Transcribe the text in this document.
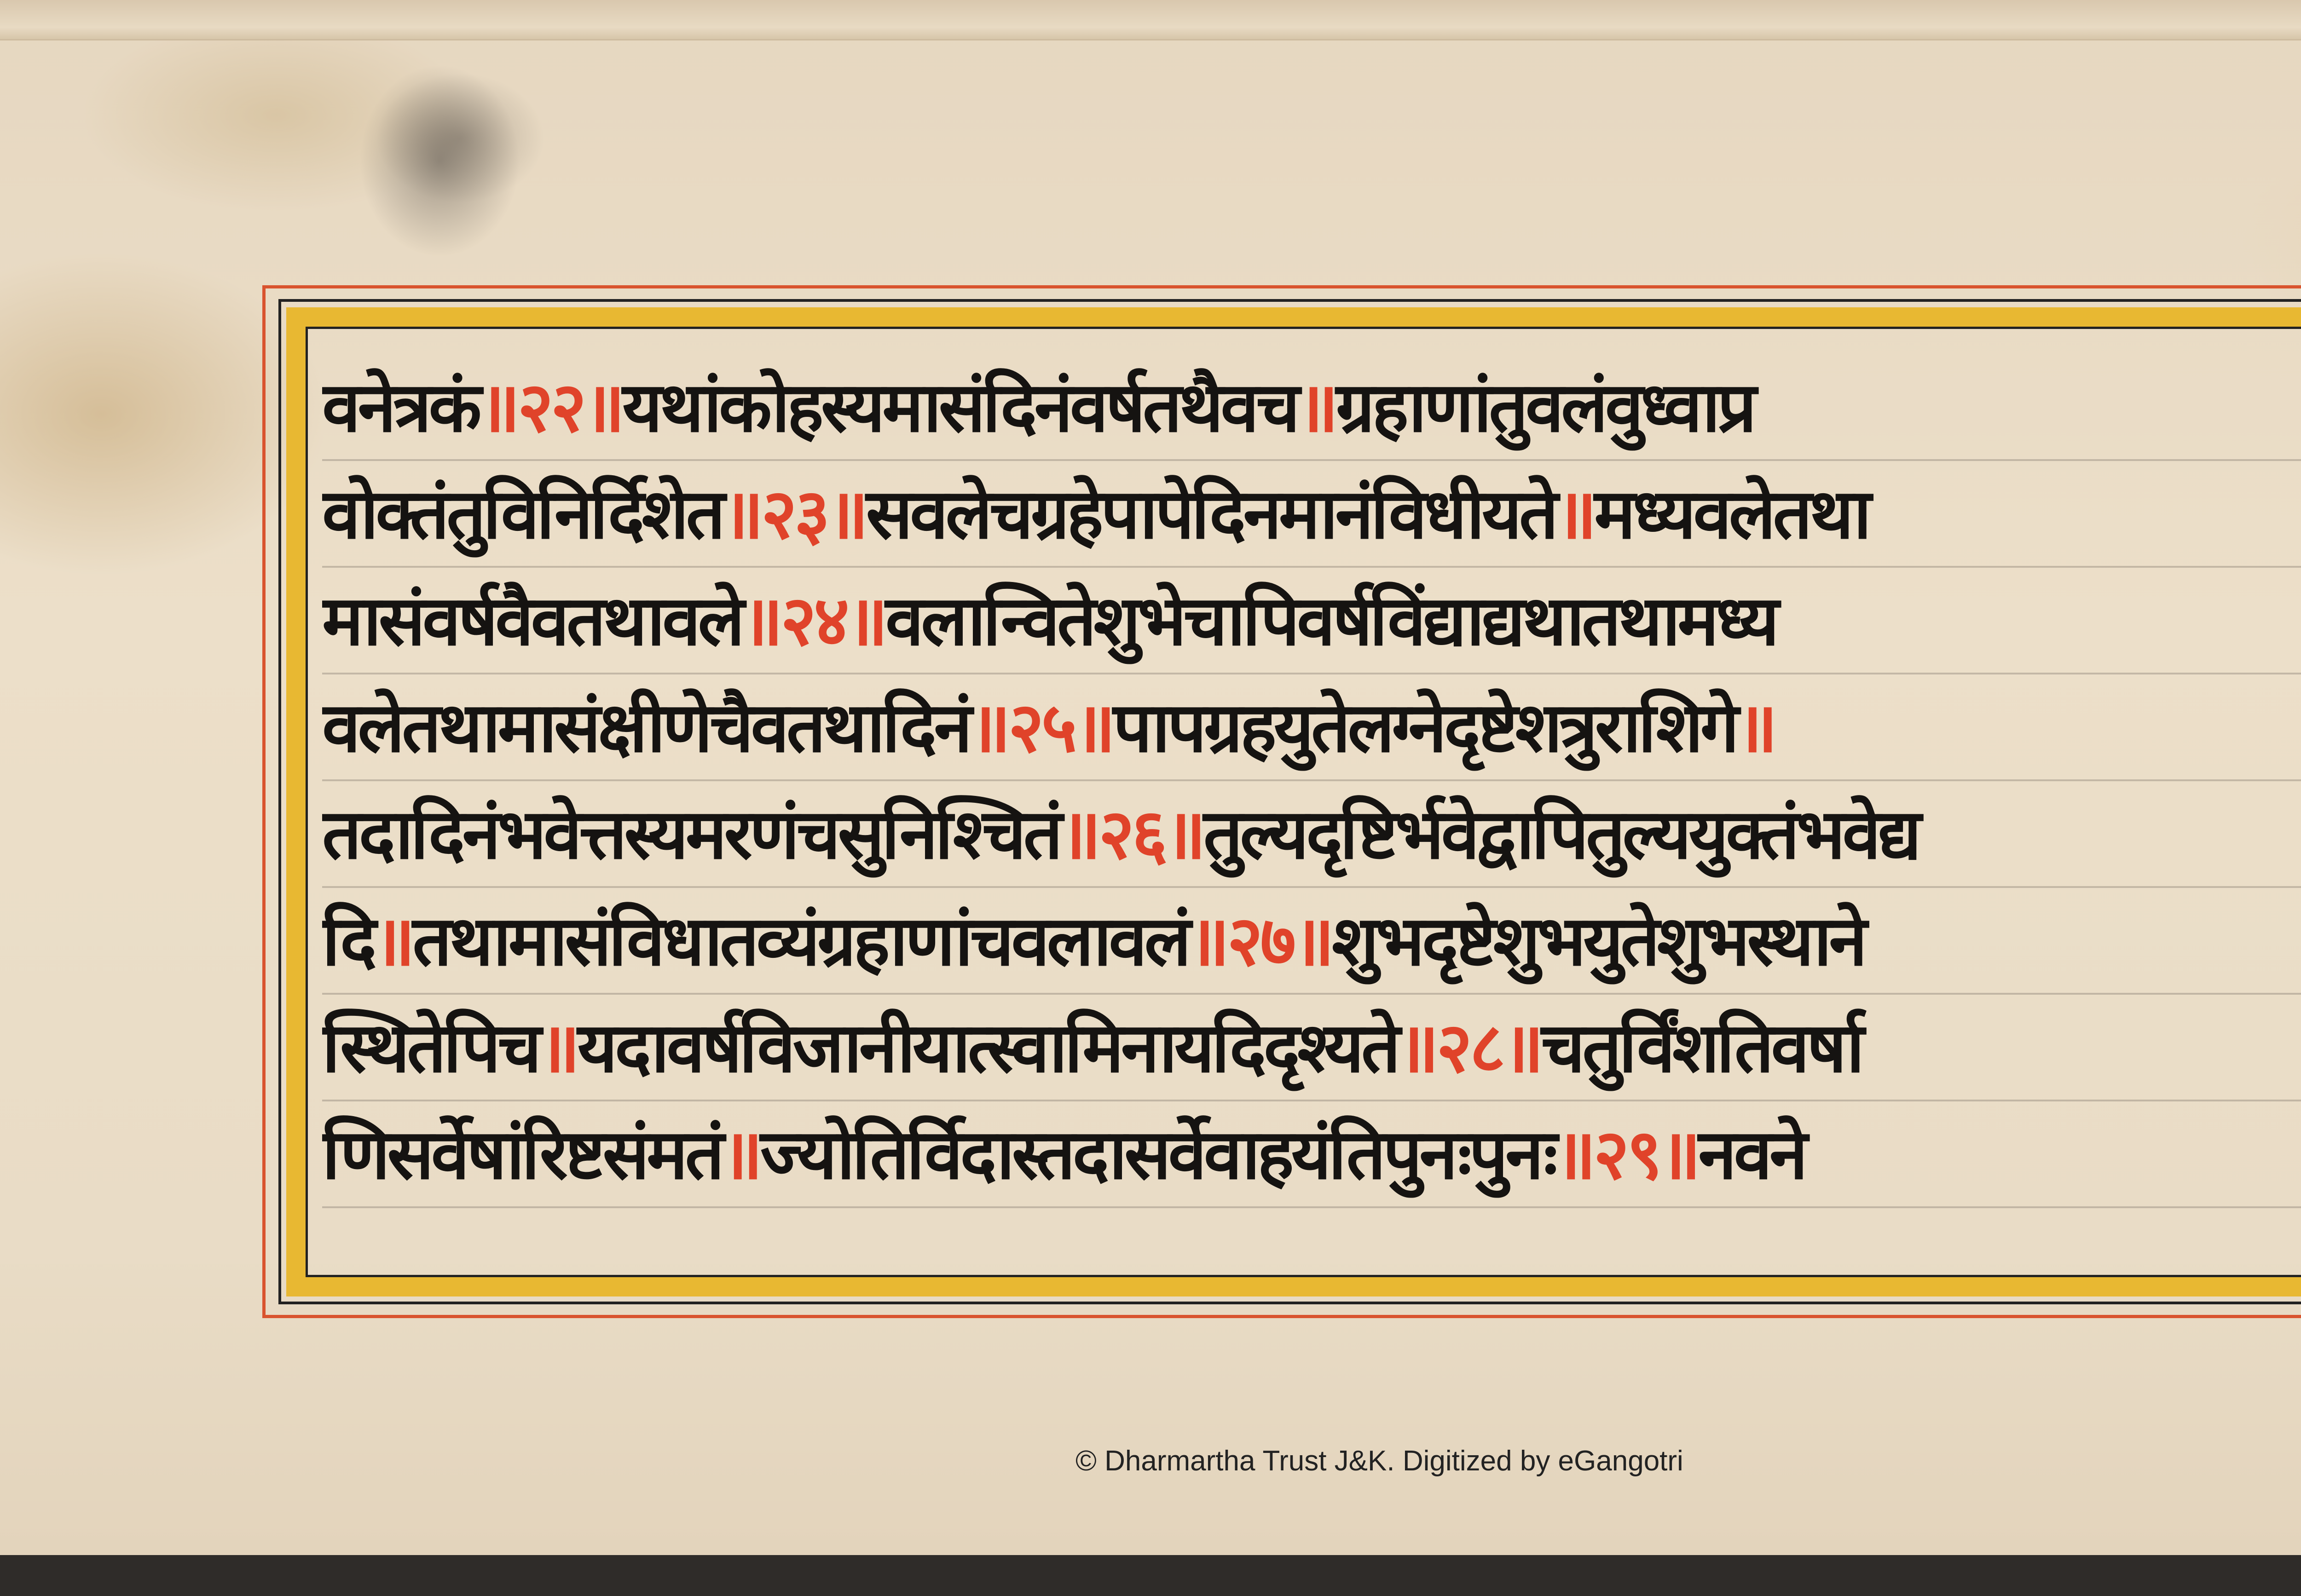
वनेत्रकं॥२२॥यथांकोहस्यमासंदिनंवर्षतथैवच॥ग्रहाणांतुवलंवुध्वाप्र
वोक्तंतुविनिर्दिशेत॥२३॥सवलेचग्रहेपापेदिनमानंविधीयते॥मध्यवलेतथा
मासंवर्षवैवतथावले॥२४॥वलान्वितेशुभेचापिवर्षविंद्याद्यथातथामध्य
वलेतथामासंक्षीणेचैवतथादिनं॥२५॥पापग्रहयुतेलग्नेदृष्टेशत्रुराशिगे॥
तदादिनंभवेत्तस्यमरणंचसुनिश्चितं॥२६॥तुल्यदृष्टिर्भवेद्वापितुल्ययुक्तंभवेद्य
दि॥तथामासंविधातव्यंग्रहाणांचवलावलं॥२७॥शुभदृष्टेशुभयुतेशुभस्थाने
स्थितेपिच॥यदावर्षविजानीयात्स्वामिनायदिदृश्यते॥२८॥चतुर्विंशतिवर्षा
णिसर्वेषांरिष्टसंमतं॥ज्योतिर्विदास्तदासर्वेवाहयंतिपुनःपुनः॥२९॥नवने
© Dharmartha Trust J&K. Digitized by eGangotri
